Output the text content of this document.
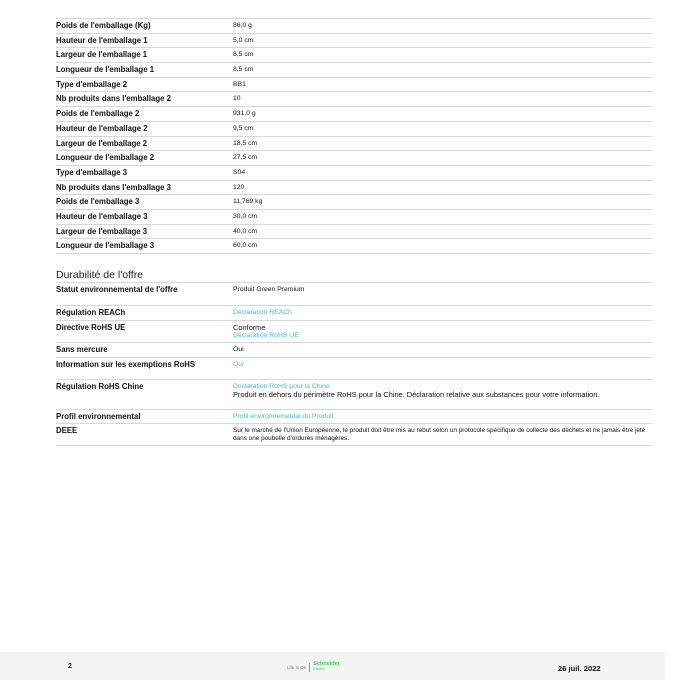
Poids de l'emballage (Kg)	86,0 g
Hauteur de l'emballage 1	5,0 cm
Largeur de l'emballage 1	8,5 cm
Longueur de l'emballage 1	8,5 cm
Type d'emballage 2	BB1
Nb produits dans l'emballage 2	10
Poids de l'emballage 2	931,0 g
Hauteur de l'emballage 2	9,5 cm
Largeur de l'emballage 2	18,5 cm
Longueur de l'emballage 2	27,5 cm
Type d'emballage 3	S04
Nb produits dans l'emballage 3	120
Poids de l'emballage 3	11,769 kg
Hauteur de l'emballage 3	30,0 cm
Largeur de l'emballage 3	40,0 cm
Longueur de l'emballage 3	60,0 cm
Durabilité de l'offre
Statut environnemental de l'offre	Produit Green Premium
Régulation REACh	Déclaration REACh
Directive RoHS UE	Conforme
Déclaration RoHS UE
Sans mercure	Oui
Information sur les exemptions RoHS	Oui
Régulation RoHS Chine	Déclaration RoHS pour la Chine
Produit en dehors du périmètre RoHS pour la Chine. Déclaration relative aux substances pour votre information.
Profil environnemental	Profil environnemental du Produit
DEEE	Sur le marché de l'Union Européenne, le produit doit être mis au rebut selon un protocole spécifique de collecte des déchets et ne jamais être jeté dans une poubelle d'ordures ménagères.
2	Life Is On Schneider
Electric	26 juil. 2022
